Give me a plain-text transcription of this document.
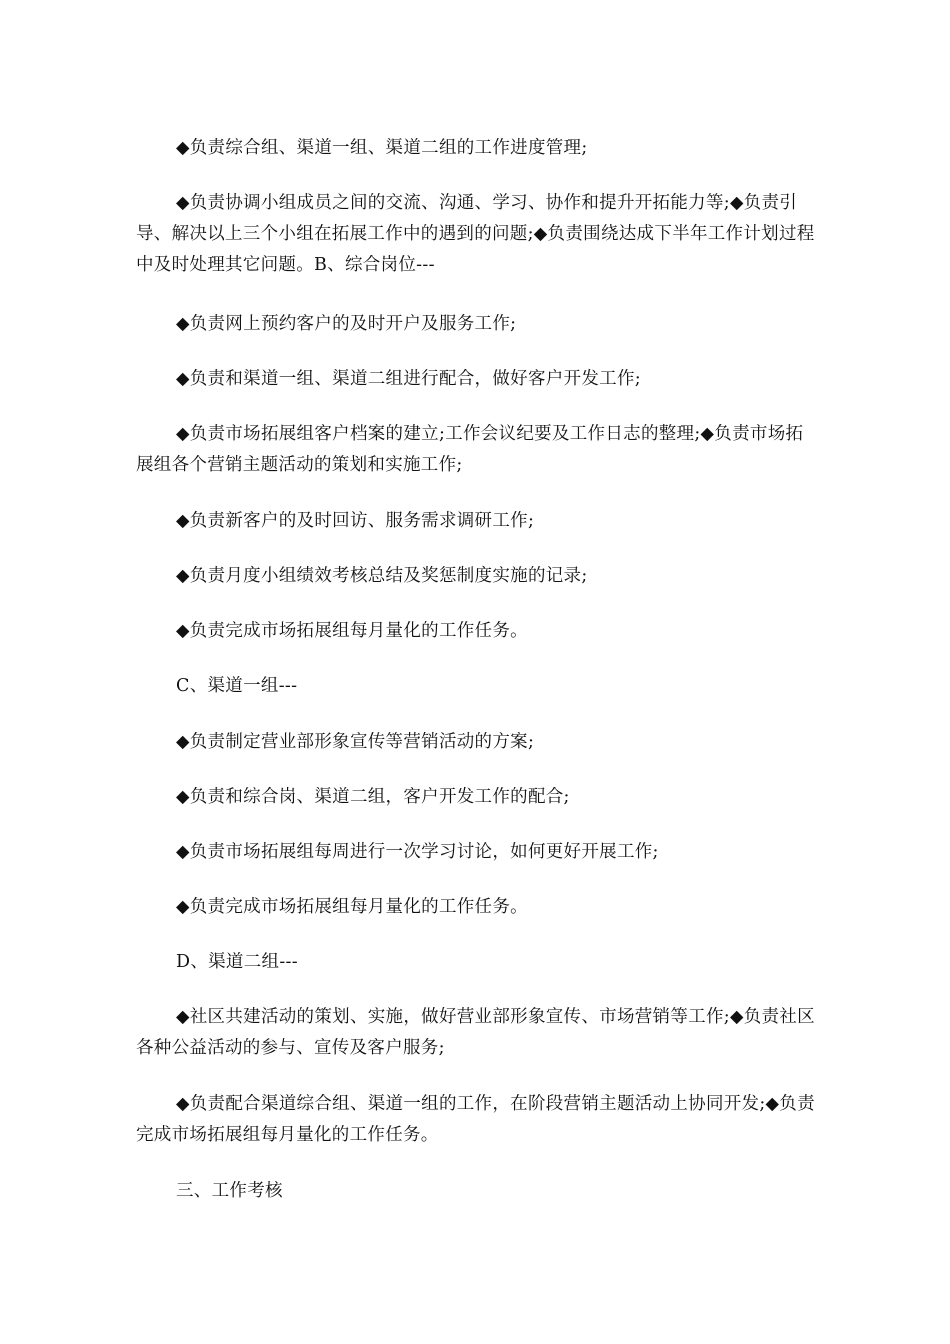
◆负责综合组、渠道一组、渠道二组的工作进度管理;

◆负责协调小组成员之间的交流、沟通、学习、协作和提升开拓能力等;◆负责引导、解决以上三个小组在拓展工作中的遇到的问题;◆负责围绕达成下半年工作计划过程中及时处理其它问题。B、综合岗位---

◆负责网上预约客户的及时开户及服务工作;

◆负责和渠道一组、渠道二组进行配合，做好客户开发工作;

◆负责市场拓展组客户档案的建立;工作会议纪要及工作日志的整理;◆负责市场拓展组各个营销主题活动的策划和实施工作;

◆负责新客户的及时回访、服务需求调研工作;

◆负责月度小组绩效考核总结及奖惩制度实施的记录;

◆负责完成市场拓展组每月量化的工作任务。

C、渠道一组---

◆负责制定营业部形象宣传等营销活动的方案;

◆负责和综合岗、渠道二组，客户开发工作的配合;

◆负责市场拓展组每周进行一次学习讨论，如何更好开展工作;

◆负责完成市场拓展组每月量化的工作任务。

D、渠道二组---

◆社区共建活动的策划、实施，做好营业部形象宣传、市场营销等工作;◆负责社区各种公益活动的参与、宣传及客户服务;

◆负责配合渠道综合组、渠道一组的工作，在阶段营销主题活动上协同开发;◆负责完成市场拓展组每月量化的工作任务。

三、工作考核
